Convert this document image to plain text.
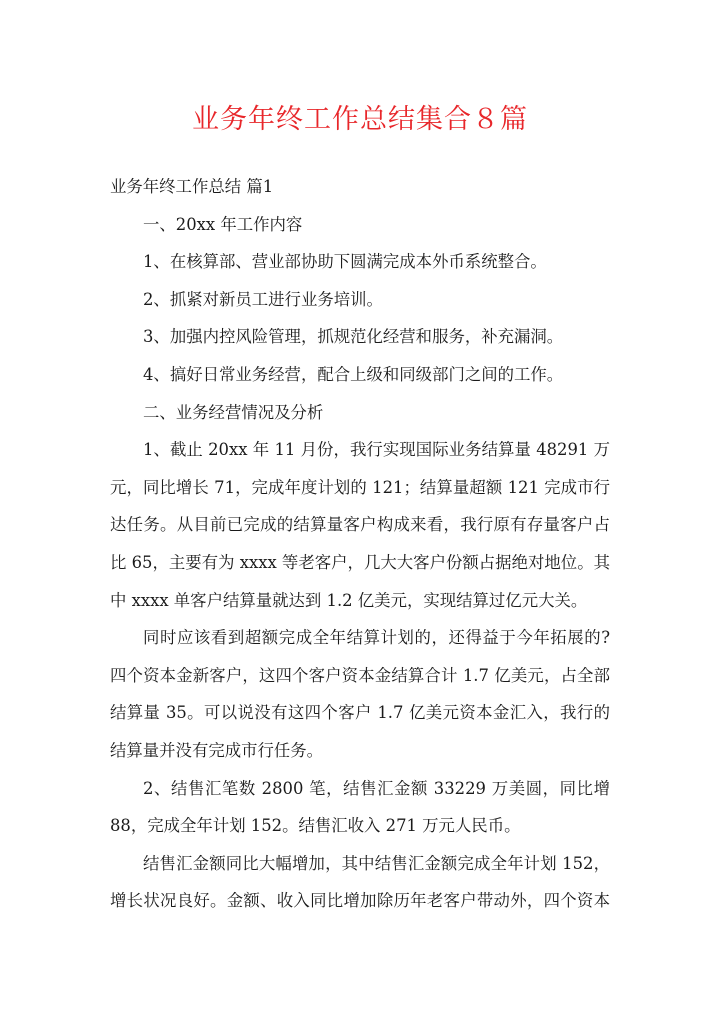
业务年终工作总结集合８篇
业务年终工作总结 篇1
一、20xx 年工作内容
1、在核算部、营业部协助下圆满完成本外币系统整合。
2、抓紧对新员工进行业务培训。
3、加强内控风险管理，抓规范化经营和服务，补充漏洞。
4、搞好日常业务经营，配合上级和同级部门之间的工作。
二、业务经营情况及分析
1、截止 20xx 年 11 月份，我行实现国际业务结算量 48291 万
元，同比增长 71，完成年度计划的 121；结算量超额 121 完成市行
达任务。从目前已完成的结算量客户构成来看，我行原有存量客户占
比 65，主要有为 xxxx 等老客户，几大大客户份额占据绝对地位。其
中 xxxx 单客户结算量就达到 1.2 亿美元，实现结算过亿元大关。
同时应该看到超额完成全年结算计划的，还得益于今年拓展的?
四个资本金新客户，这四个客户资本金结算合计 1.7 亿美元，占全部
结算量 35。可以说没有这四个客户 1.7 亿美元资本金汇入，我行的
结算量并没有完成市行任务。
2、结售汇笔数 2800 笔，结售汇金额 33229 万美圆，同比增
88，完成全年计划 152。结售汇收入 271 万元人民币。
结售汇金额同比大幅增加，其中结售汇金额完成全年计划 152，
增长状况良好。金额、收入同比增加除历年老客户带动外，四个资本
